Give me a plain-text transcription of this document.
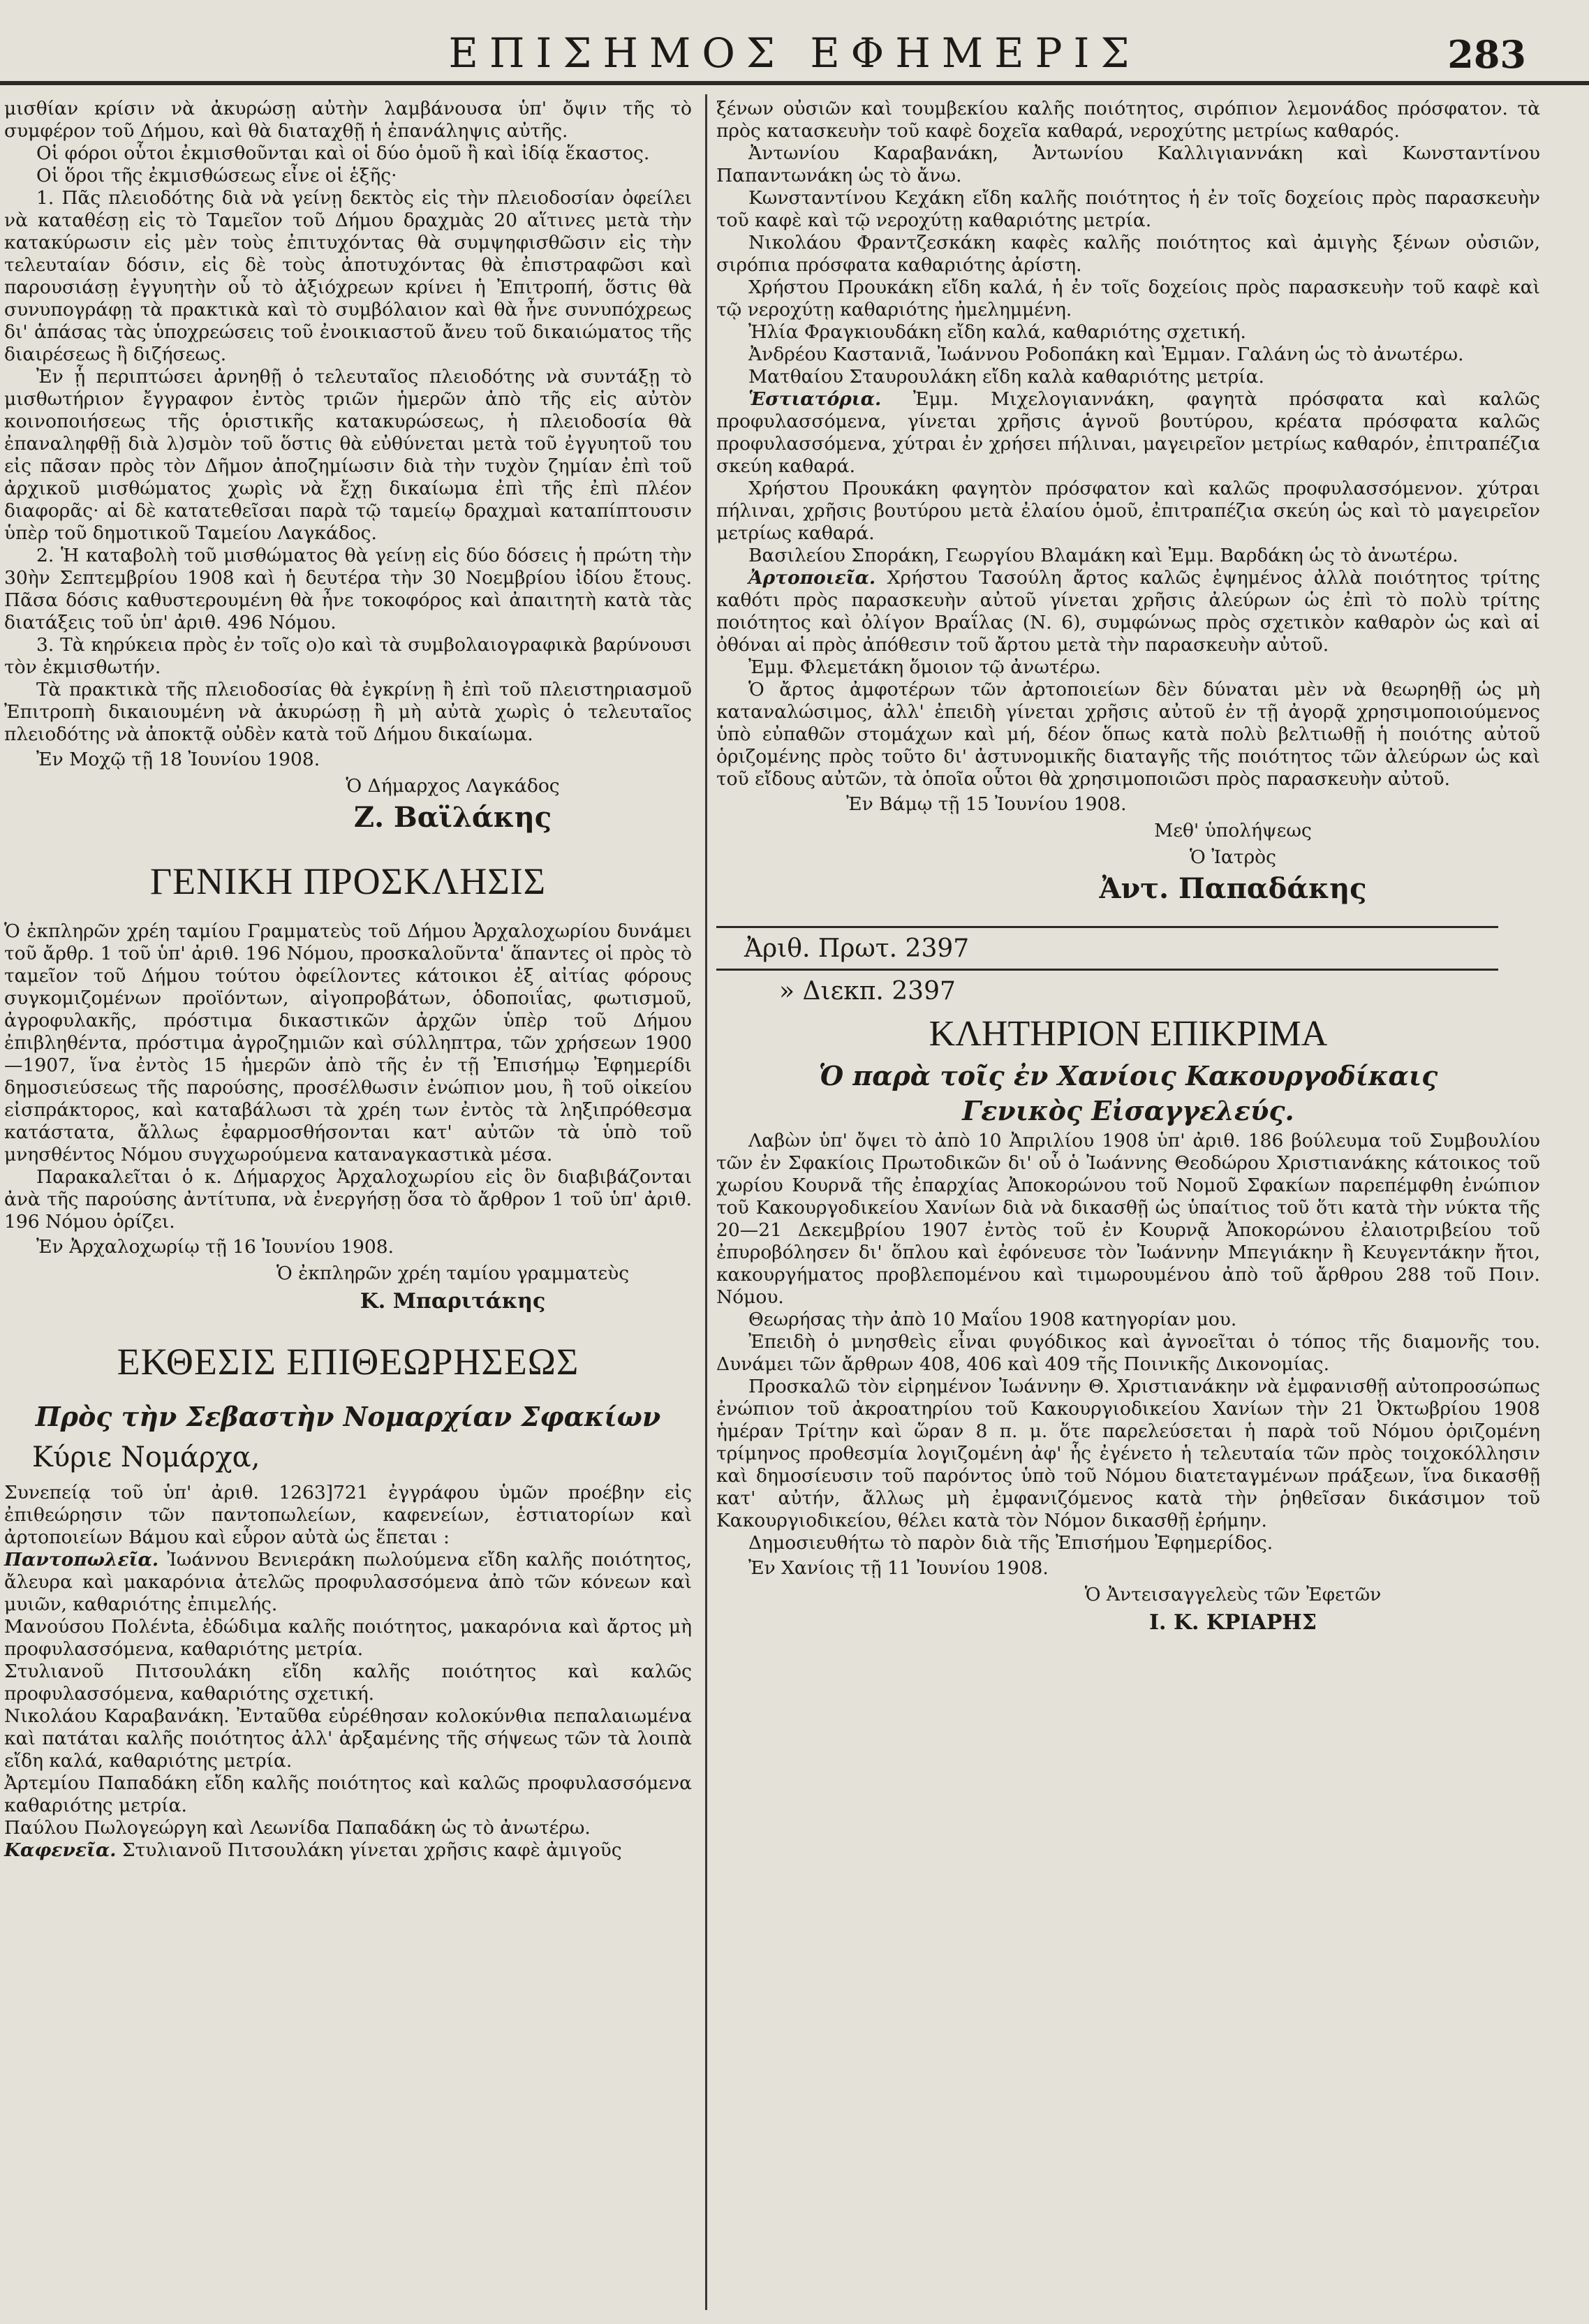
ΕΠΙΣΗΜΟΣ ΕΦΗΜΕΡΙΣ	283

μισθίαν κρίσιν νὰ ἀκυρώσῃ αὐτὴν λαμβάνουσα ὑπ' ὄψιν τῆς τὸ συμφέρον τοῦ Δήμου, καὶ θὰ διαταχθῇ ἡ ἐπανάληψις αὐτῆς.

Οἱ φόροι οὗτοι ἐκμισθοῦνται καὶ οἱ δύο ὁμοῦ ἢ καὶ ἰδίᾳ ἕκαστος.

Οἱ ὅροι τῆς ἐκμισθώσεως εἶνε οἱ ἑξῆς·

1. Πᾶς πλειοδότης διὰ νὰ γείνῃ δεκτὸς εἰς τὴν πλειοδοσίαν ὀφείλει νὰ καταθέσῃ εἰς τὸ Ταμεῖον τοῦ Δήμου δραχμὰς 20 αἵτινες μετὰ τὴν κατακύρωσιν εἰς μὲν τοὺς ἐπιτυχόντας θὰ συμψηφισθῶσιν εἰς τὴν τελευταίαν δόσιν, εἰς δὲ τοὺς ἀποτυχόντας θὰ ἐπιστραφῶσι καὶ παρουσιάσῃ ἐγγυητὴν οὗ τὸ ἀξιόχρεων κρίνει ἡ Ἐπιτροπή, ὅστις θὰ συνυπογράφῃ τὰ πρακτικὰ καὶ τὸ συμβόλαιον καὶ θὰ ἦνε συνυπόχρεως δι' ἁπάσας τὰς ὑποχρεώσεις τοῦ ἐνοικιαστοῦ ἄνευ τοῦ δικαιώματος τῆς διαιρέσεως ἢ διζήσεως.

Ἐν ᾗ περιπτώσει ἀρνηθῇ ὁ τελευταῖος πλειοδότης νὰ συντάξῃ τὸ μισθωτήριον ἔγγραφον ἐντὸς τριῶν ἡμερῶν ἀπὸ τῆς εἰς αὐτὸν κοινοποιήσεως τῆς ὁριστικῆς κατακυρώσεως, ἡ πλειοδοσία θὰ ἐπαναληφθῇ διὰ λ)σμὸν τοῦ ὅστις θὰ εὐθύνεται μετὰ τοῦ ἐγγυητοῦ του εἰς πᾶσαν πρὸς τὸν Δῆμον ἀποζημίωσιν διὰ τὴν τυχὸν ζημίαν ἐπὶ τοῦ ἀρχικοῦ μισθώματος χωρὶς νὰ ἔχῃ δικαίωμα ἐπὶ τῆς ἐπὶ πλέον διαφορᾶς· αἱ δὲ κατατεθεῖσαι παρὰ τῷ ταμείῳ δραχμαὶ καταπίπτουσιν ὑπὲρ τοῦ δημοτικοῦ Ταμείου Λαγκάδος.

2. Ἡ καταβολὴ τοῦ μισθώματος θὰ γείνῃ εἰς δύο δόσεις ἡ πρώτη τὴν 30ὴν Σεπτεμβρίου 1908 καὶ ἡ δευτέρα τὴν 30 Νοεμβρίου ἰδίου ἔτους. Πᾶσα δόσις καθυστερουμένη θὰ ἦνε τοκοφόρος καὶ ἀπαιτητὴ κατὰ τὰς διατάξεις τοῦ ὑπ' ἀριθ. 496 Νόμου.

3. Τὰ κηρύκεια πρὸς ἐν τοῖς ο)ο καὶ τὰ συμβολαιογραφικὰ βαρύνουσι τὸν ἐκμισθωτήν.

Τὰ πρακτικὰ τῆς πλειοδοσίας θὰ ἐγκρίνῃ ἢ ἐπὶ τοῦ πλειστηριασμοῦ Ἐπιτροπὴ δικαιουμένη νὰ ἀκυρώσῃ ἢ μὴ αὐτὰ χωρὶς ὁ τελευταῖος πλειοδότης νὰ ἀποκτᾷ οὐδὲν κατὰ τοῦ Δήμου δικαίωμα.

Ἐν Μοχῷ τῇ 18 Ἰουνίου 1908.

Ὁ Δήμαρχος Λαγκάδος

Ζ. Βαϊλάκης

ΓΕΝΙΚΗ ΠΡΟΣΚΛΗΣΙΣ

Ὁ ἐκπληρῶν χρέη ταμίου Γραμματεὺς τοῦ Δήμου Ἀρχαλοχωρίου δυνάμει τοῦ ἄρθρ. 1 τοῦ ὑπ' ἀριθ. 196 Νόμου, προσκαλοῦντα' ἅπαντες οἱ πρὸς τὸ ταμεῖον τοῦ Δήμου τούτου ὀφείλοντες κάτοικοι ἐξ αἰτίας φόρους συγκομιζομένων προϊόντων, αἰγοπροβάτων, ὁδοποιΐας, φωτισμοῦ, ἀγροφυλακῆς, πρόστιμα δικαστικῶν ἀρχῶν ὑπὲρ τοῦ Δήμου ἐπιβληθέντα, πρόστιμα ἀγροζημιῶν καὶ σύλληπτρα, τῶν χρήσεων 1900—1907, ἵνα ἐντὸς 15 ἡμερῶν ἀπὸ τῆς ἐν τῇ Ἐπισήμῳ Ἐφημερίδι δημοσιεύσεως τῆς παρούσης, προσέλθωσιν ἐνώπιον μου, ἢ τοῦ οἰκείου εἰσπράκτορος, καὶ καταβάλωσι τὰ χρέη των ἐντὸς τὰ ληξιπρόθεσμα κατάστατα, ἄλλως ἐφαρμοσθήσονται κατ' αὐτῶν τὰ ὑπὸ τοῦ μνησθέντος Νόμου συγχωρούμενα καταναγκαστικὰ μέσα.

Παρακαλεῖται ὁ κ. Δήμαρχος Ἀρχαλοχωρίου εἰς ὃν διαβιβάζονται ἀνὰ τῆς παρούσης ἀντίτυπα, νὰ ἐνεργήσῃ ὅσα τὸ ἄρθρον 1 τοῦ ὑπ' ἀριθ. 196 Νόμου ὁρίζει.

Ἐν Ἀρχαλοχωρίῳ τῇ 16 Ἰουνίου 1908.

Ὁ ἐκπληρῶν χρέη ταμίου γραμματεὺς

Κ. Μπαριτάκης

ΕΚΘΕΣΙΣ ΕΠΙΘΕΩΡΗΣΕΩΣ
Πρὸς τὴν Σεβαστὴν Νομαρχίαν Σφακίων
Κύριε Νομάρχα,

Συνεπείᾳ τοῦ ὑπ' ἀριθ. 1263]721 ἐγγράφου ὑμῶν προέβην εἰς ἐπιθεώρησιν τῶν παντοπωλείων, καφενείων, ἑστιατορίων καὶ ἀρτοποιείων Βάμου καὶ εὗρον αὐτὰ ὡς ἕπεται :

Παντοπωλεῖα. Ἰωάννου Βενιεράκη πωλούμενα εἴδη καλῆς ποιότητος, ἄλευρα καὶ μακαρόνια ἀτελῶς προφυλασσόμενα ἀπὸ τῶν κόνεων καὶ μυιῶν, καθαριότης ἐπιμελής.

Μανούσου Πολένta, ἐδώδιμα καλῆς ποιότητος, μακαρόνια καὶ ἄρτος μὴ προφυλασσόμενα, καθαριότης μετρία.

Στυλιανοῦ Πιτσουλάκη εἴδη καλῆς ποιότητος καὶ καλῶς προφυλασσόμενα, καθαριότης σχετική.

Νικολάου Καραβανάκη. Ἐνταῦθα εὑρέθησαν κολοκύνθια πεπαλαιωμένα καὶ πατάται καλῆς ποιότητος ἀλλ' ἀρξαμένης τῆς σήψεως τῶν τὰ λοιπὰ εἴδη καλά, καθαριότης μετρία.

Ἀρτεμίου Παπαδάκη εἴδη καλῆς ποιότητος καὶ καλῶς προφυλασσόμενα καθαριότης μετρία.

Παύλου Πωλογεώργη καὶ Λεωνίδα Παπαδάκη ὡς τὸ ἀνωτέρω.

Καφενεῖα. Στυλιανοῦ Πιτσουλάκη γίνεται χρῆσις καφὲ ἀμιγοῦς

ξένων οὐσιῶν καὶ τουμβεκίου καλῆς ποιότητος, σιρόπιον λεμονάδος πρόσφατον. τὰ πρὸς κατασκευὴν τοῦ καφὲ δοχεῖα καθαρά, νεροχύτης μετρίως καθαρός.

Ἀντωνίου Καραβανάκη, Ἀντωνίου Καλλιγιαννάκη καὶ Κωνσταντίνου Παπαντωνάκη ὡς τὸ ἄνω.

Κωνσταντίνου Κεχάκη εἴδη καλῆς ποιότητος ἡ ἐν τοῖς δοχείοις πρὸς παρασκευὴν τοῦ καφὲ καὶ τῷ νεροχύτῃ καθαριότης μετρία.

Νικολάου Φραντζεσκάκη καφὲς καλῆς ποιότητος καὶ ἀμιγὴς ξένων οὐσιῶν, σιρόπια πρόσφατα καθαριότης ἀρίστη.

Χρήστου Προυκάκη εἴδη καλά, ἡ ἐν τοῖς δοχείοις πρὸς παρασκευὴν τοῦ καφὲ καὶ τῷ νεροχύτῃ καθαριότης ἠμελημμένη.

Ἠλία Φραγκιουδάκη εἴδη καλά, καθαριότης σχετική.

Ἀνδρέου Καστανιᾶ, Ἰωάννου Ροδοπάκη καὶ Ἐμμαν. Γαλάνη ὡς τὸ ἀνωτέρω.

Ματθαίου Σταυρουλάκη εἴδη καλὰ καθαριότης μετρία.

Ἑστιατόρια. Ἐμμ. Μιχελογιαννάκη, φαγητὰ πρόσφατα καὶ καλῶς προφυλασσόμενα, γίνεται χρῆσις ἁγνοῦ βουτύρου, κρέατα πρόσφατα καλῶς προφυλασσόμενα, χύτραι ἐν χρήσει πήλιναι, μαγειρεῖον μετρίως καθαρόν, ἐπιτραπέζια σκεύη καθαρά.

Χρήστου Προυκάκη φαγητὸν πρόσφατον καὶ καλῶς προφυλασσόμενον. χύτραι πήλιναι, χρῆσις βουτύρου μετὰ ἐλαίου ὁμοῦ, ἐπιτραπέζια σκεύη ὡς καὶ τὸ μαγειρεῖον μετρίως καθαρά.

Βασιλείου Σποράκη, Γεωργίου Βλαμάκη καὶ Ἐμμ. Βαρδάκη ὡς τὸ ἀνωτέρω.

Ἀρτοποιεῖα. Χρήστου Τασούλη ἄρτος καλῶς ἐψημένος ἀλλὰ ποιότητος τρίτης καθότι πρὸς παρασκευὴν αὐτοῦ γίνεται χρῆσις ἀλεύρων ὡς ἐπὶ τὸ πολὺ τρίτης ποιότητος καὶ ὀλίγον Βραΐλας (Ν. 6), συμφώνως πρὸς σχετικὸν καθαρὸν ὡς καὶ αἱ ὀθόναι αἱ πρὸς ἀπόθεσιν τοῦ ἄρτου μετὰ τὴν παρασκευὴν αὐτοῦ.

Ἐμμ. Φλεμετάκη ὅμοιον τῷ ἀνωτέρω.

Ὁ ἄρτος ἀμφοτέρων τῶν ἀρτοποιείων δὲν δύναται μὲν νὰ θεωρηθῇ ὡς μὴ καταναλώσιμος, ἀλλ' ἐπειδὴ γίνεται χρῆσις αὐτοῦ ἐν τῇ ἀγορᾷ χρησιμοποιούμενος ὑπὸ εὐπαθῶν στομάχων καὶ μή, δέον ὅπως κατὰ πολὺ βελτιωθῇ ἡ ποιότης αὐτοῦ ὁριζομένης πρὸς τοῦτο δι' ἀστυνομικῆς διαταγῆς τῆς ποιότητος τῶν ἀλεύρων ὡς καὶ τοῦ εἴδους αὐτῶν, τὰ ὁποῖα οὗτοι θὰ χρησιμοποιῶσι πρὸς παρασκευὴν αὐτοῦ.

Ἐν Βάμῳ τῇ 15 Ἰουνίου 1908.

Μεθ' ὑπολήψεως

Ὁ Ἰατρὸς

Ἀντ. Παπαδάκης

Ἀριθ. Πρωτ. 2397
» Διεκπ. 2397
ΚΛΗΤΗΡΙΟΝ ΕΠΙΚΡΙΜΑ
Ὁ παρὰ τοῖς ἐν Χανίοις Κακουργοδίκαις
Γενικὸς Εἰσαγγελεύς.

Λαβὼν ὑπ' ὄψει τὸ ἀπὸ 10 Ἀπριλίου 1908 ὑπ' ἀριθ. 186 βούλευμα τοῦ Συμβουλίου τῶν ἐν Σφακίοις Πρωτοδικῶν δι' οὗ ὁ Ἰωάννης Θεοδώρου Χριστιανάκης κάτοικος τοῦ χωρίου Κουρνᾶ τῆς ἐπαρχίας Ἀποκορώνου τοῦ Νομοῦ Σφακίων παρεπέμφθη ἐνώπιον τοῦ Κακουργοδικείου Χανίων διὰ νὰ δικασθῇ ὡς ὑπαίτιος τοῦ ὅτι κατὰ τὴν νύκτα τῆς 20—21 Δεκεμβρίου 1907 ἐντὸς τοῦ ἐν Κουρνᾷ Ἀποκορώνου ἐλαιοτριβείου τοῦ ἐπυροβόλησεν δι' ὅπλου καὶ ἐφόνευσε τὸν Ἰωάννην Μπεγιάκην ἢ Κευγεντάκην ἤτοι, κακουργήματος προβλεπομένου καὶ τιμωρουμένου ἀπὸ τοῦ ἄρθρου 288 τοῦ Ποιν. Νόμου.

Θεωρήσας τὴν ἀπὸ 10 Μαΐου 1908 κατηγορίαν μου.

Ἐπειδὴ ὁ μνησθεὶς εἶναι φυγόδικος καὶ ἀγνοεῖται ὁ τόπος τῆς διαμονῆς του. Δυνάμει τῶν ἄρθρων 408, 406 καὶ 409 τῆς Ποινικῆς Δικονομίας.

Προσκαλῶ τὸν εἰρημένον Ἰωάννην Θ. Χριστιανάκην νὰ ἐμφανισθῇ αὐτοπροσώπως ἐνώπιον τοῦ ἀκροατηρίου τοῦ Κακουργιοδικείου Χανίων τὴν 21 Ὀκτωβρίου 1908 ἡμέραν Τρίτην καὶ ὥραν 8 π. μ. ὅτε παρελεύσεται ἡ παρὰ τοῦ Νόμου ὁριζομένη τρίμηνος προθεσμία λογιζομένη ἀφ' ἧς ἐγένετο ἡ τελευταία τῶν πρὸς τοιχοκόλλησιν καὶ δημοσίευσιν τοῦ παρόντος ὑπὸ τοῦ Νόμου διατεταγμένων πράξεων, ἵνα δικασθῇ κατ' αὐτήν, ἄλλως μὴ ἐμφανιζόμενος κατὰ τὴν ῥηθεῖσαν δικάσιμον τοῦ Κακουργιοδικείου, θέλει κατὰ τὸν Νόμον δικασθῇ ἐρήμην.

Δημοσιευθήτω τὸ παρὸν διὰ τῆς Ἐπισήμου Ἐφημερίδος.

Ἐν Χανίοις τῇ 11 Ἰουνίου 1908.

Ὁ Ἀντεισαγγελεὺς τῶν Ἐφετῶν

Ι. Κ. ΚΡΙΑΡΗΣ
